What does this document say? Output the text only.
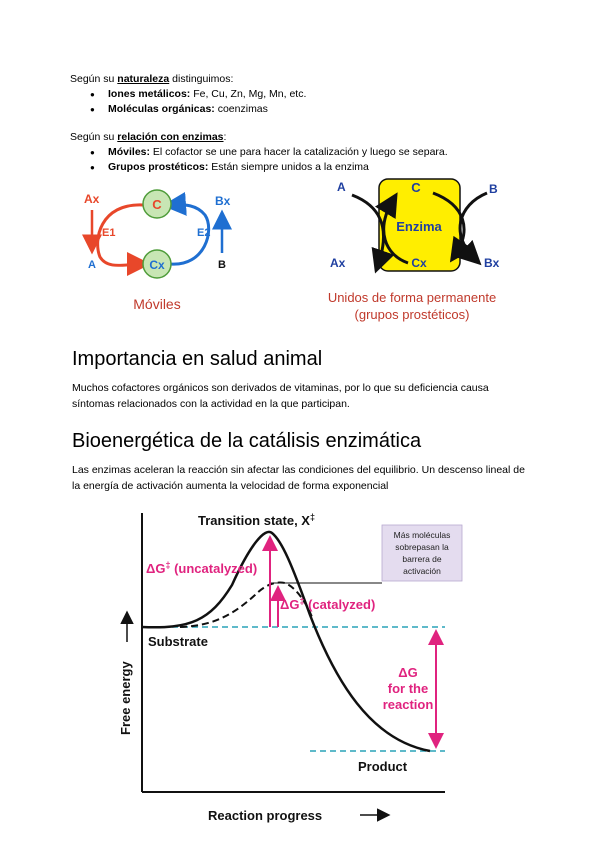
Según su naturaleza distinguimos:
● Iones metálicos: Fe, Cu, Zn, Mg, Mn, etc.
● Moléculas orgánicas: coenzimas
Según su relación con enzimas:
● Móviles: El cofactor se une para hacer la catalización y luego se separa.
● Grupos prostéticos: Están siempre unidos a la enzima
C
Cx
Ax
A
Bx
B
E1	E2
Móviles
C
Enzima
Cx
A
Ax
B
Bx
Unidos de forma permanente
(grupos prostéticos)
Importancia en salud animal
Muchos cofactores orgánicos son derivados de vitaminas, por lo que su deficiencia causa síntomas relacionados con la actividad en la que participan.
Bioenergética de la catálisis enzimática
Las enzimas aceleran la reacción sin afectar las condiciones del equilibrio. Un descenso lineal de la energía de activación aumenta la velocidad de forma exponencial
Transition state, X‡
ΔG‡ (uncatalyzed)
ΔG‡ (catalyzed)
Substrate
Product
ΔG
for the
reaction
Free energy
Reaction progress
Más moléculas
sobrepasan la
barrera de
activación
